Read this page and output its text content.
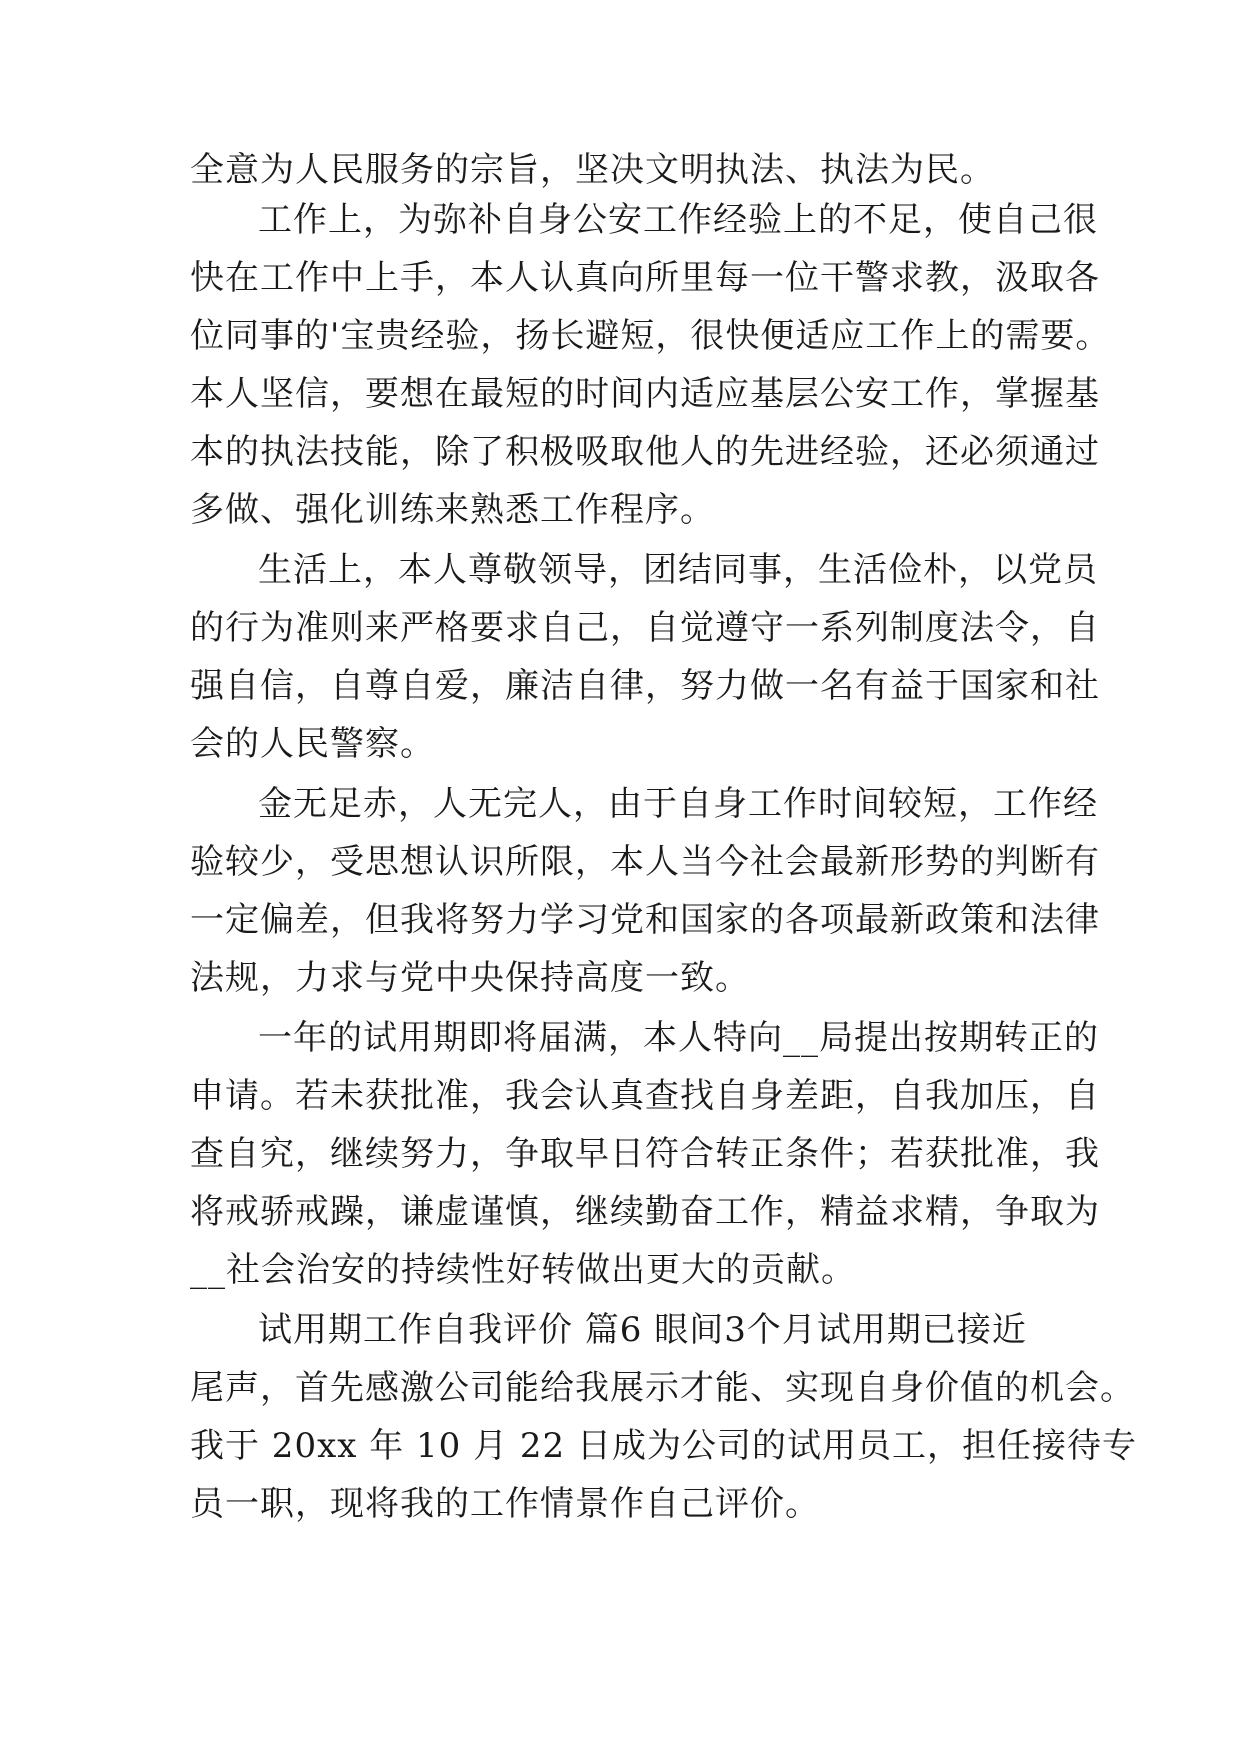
全意为人民服务的宗旨，坚决文明执法、执法为民。
工作上，为弥补自身公安工作经验上的不足，使自己很
快在工作中上手，本人认真向所里每一位干警求教，汲取各
位同事的'宝贵经验，扬长避短，很快便适应工作上的需要。
本人坚信，要想在最短的时间内适应基层公安工作，掌握基
本的执法技能，除了积极吸取他人的先进经验，还必须通过
多做、强化训练来熟悉工作程序。
生活上，本人尊敬领导，团结同事，生活俭朴，以党员
的行为准则来严格要求自己，自觉遵守一系列制度法令，自
强自信，自尊自爱，廉洁自律，努力做一名有益于国家和社
会的人民警察。
金无足赤，人无完人，由于自身工作时间较短，工作经
验较少，受思想认识所限，本人当今社会最新形势的判断有
一定偏差，但我将努力学习党和国家的各项最新政策和法律
法规，力求与党中央保持高度一致。
一年的试用期即将届满，本人特向__局提出按期转正的
申请。若未获批准，我会认真查找自身差距，自我加压，自
查自究，继续努力，争取早日符合转正条件；若获批准，我
将戒骄戒躁，谦虚谨慎，继续勤奋工作，精益求精，争取为
__社会治安的持续性好转做出更大的贡献。
试用期工作自我评价 篇6 眼间3个月试用期已接近
尾声，首先感激公司能给我展示才能、实现自身价值的机会。
我于 20xx 年 10 月 22 日成为公司的试用员工，担任接待专
员一职，现将我的工作情景作自己评价。
